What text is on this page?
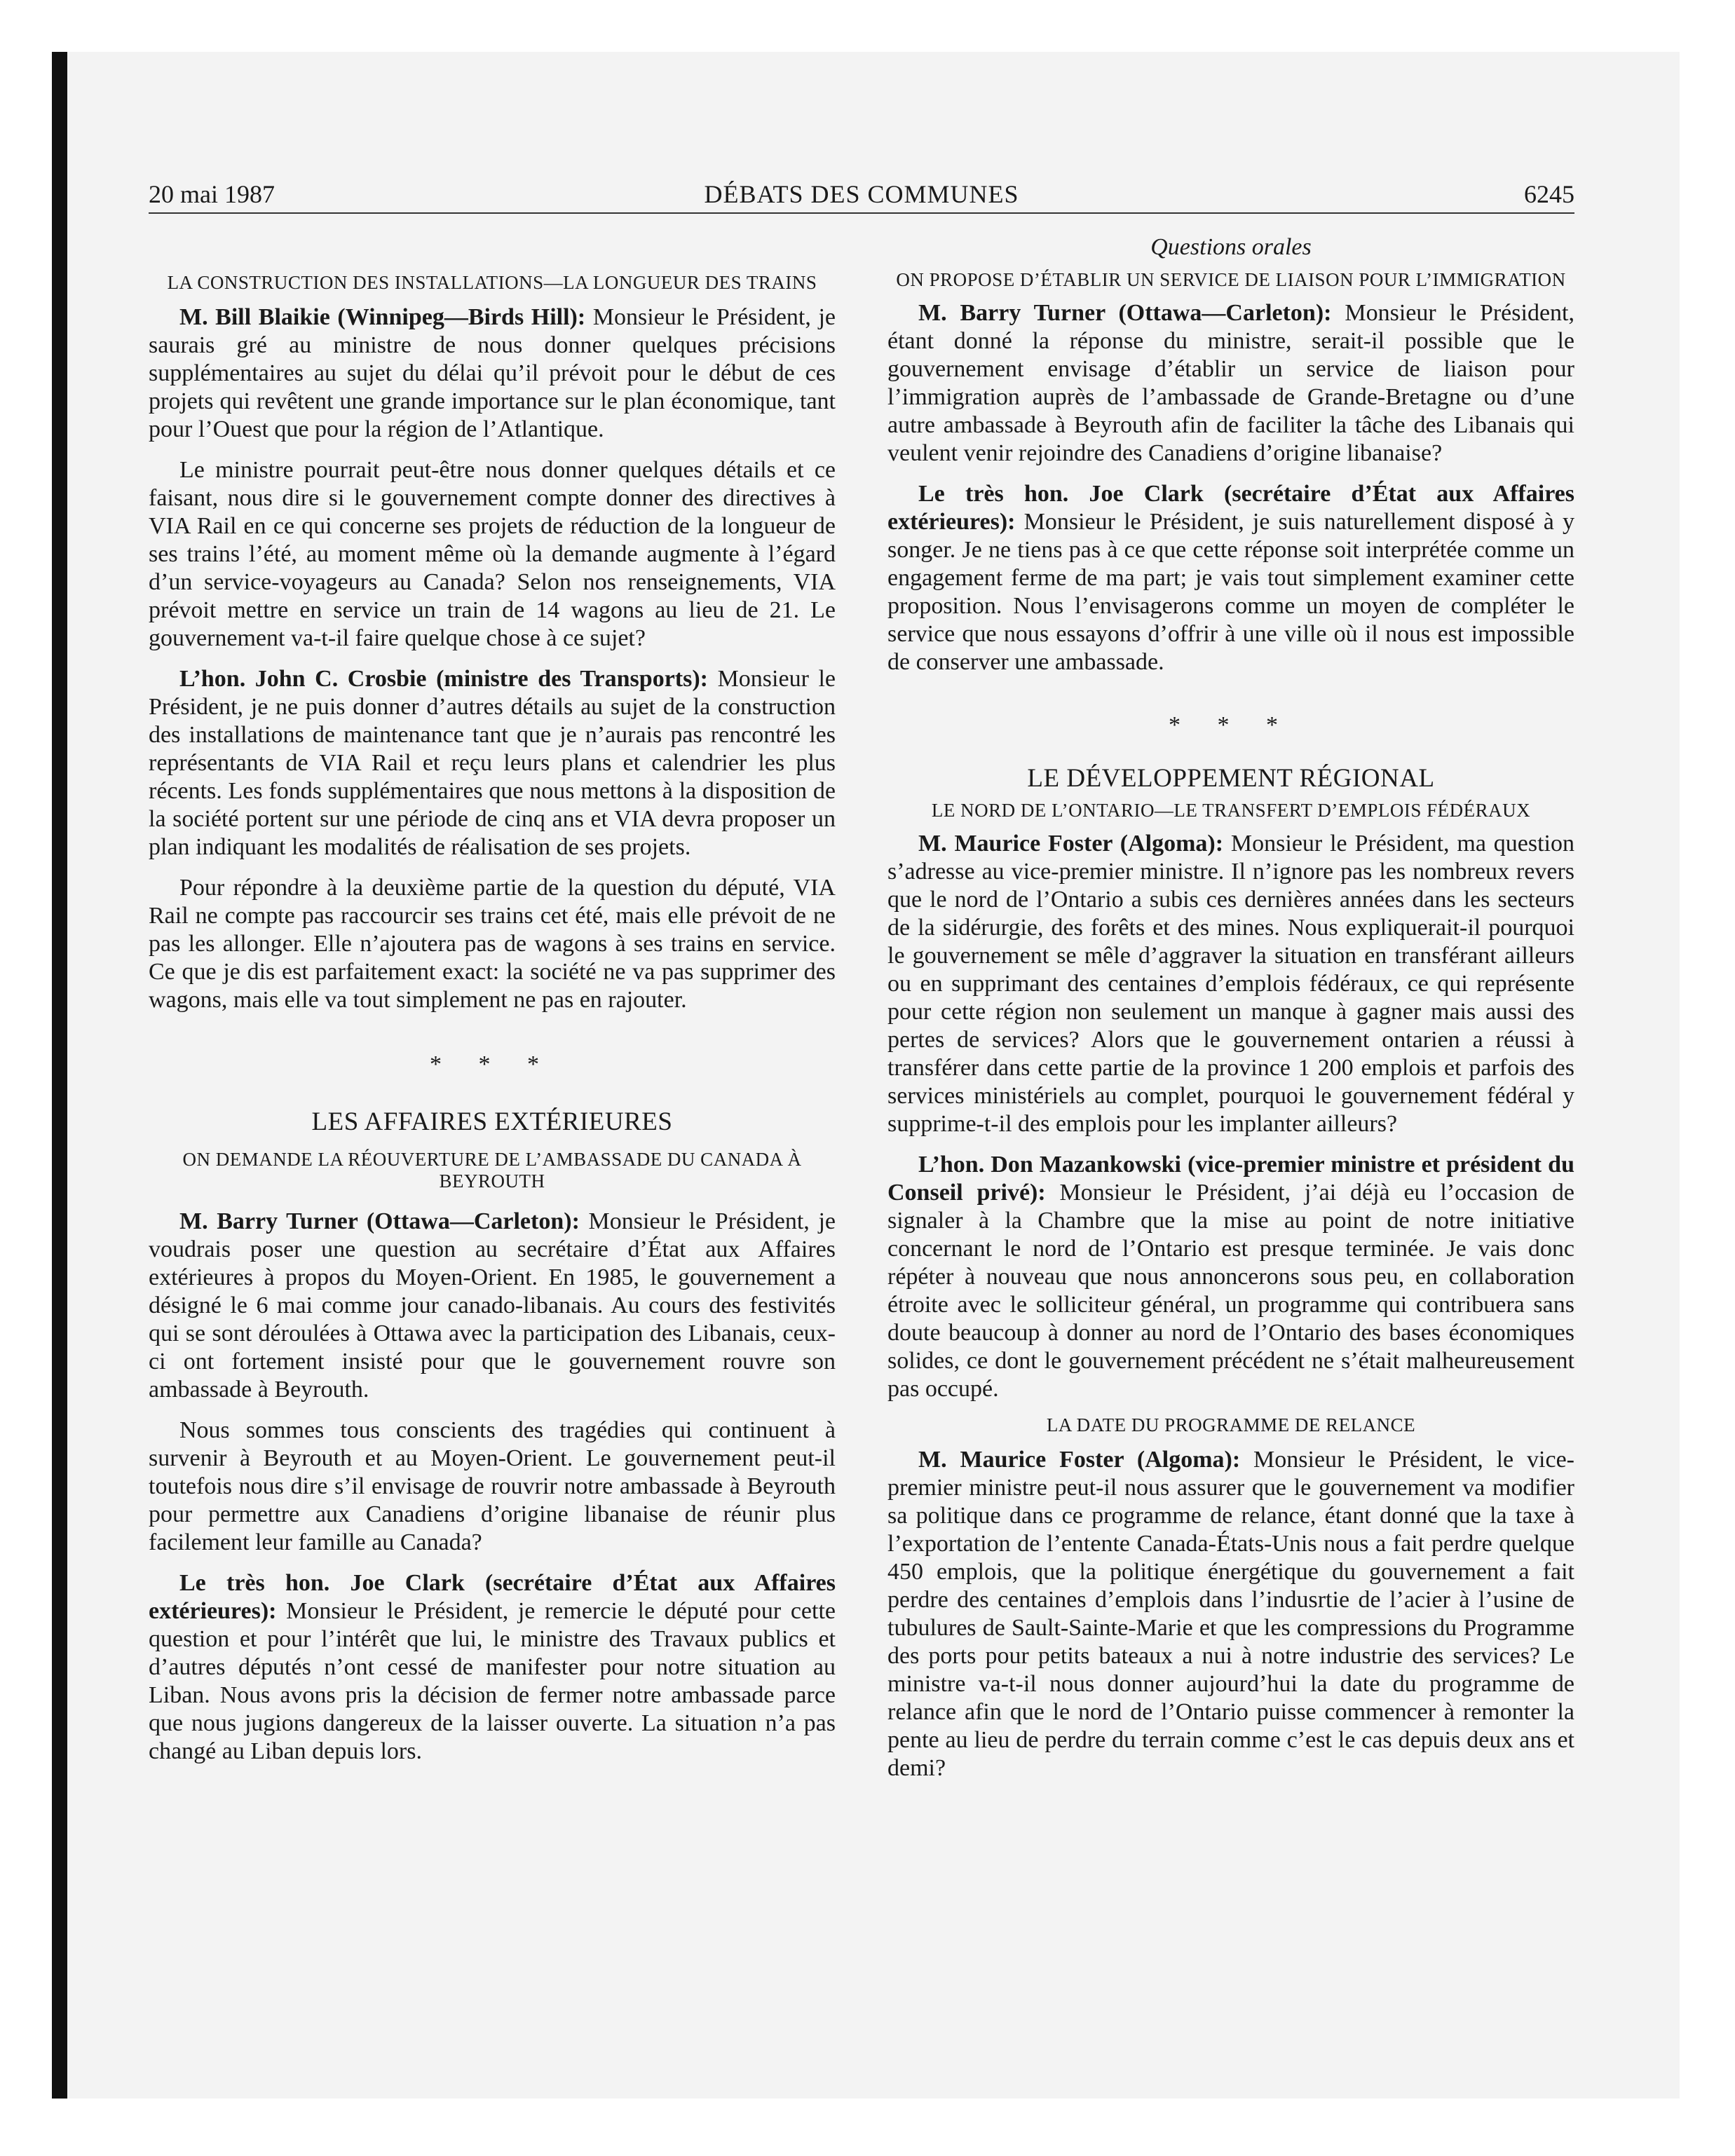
20 mai 1987	DÉBATS DES COMMUNES	6245

LA CONSTRUCTION DES INSTALLATIONS—LA LONGUEUR DES TRAINS

M. Bill Blaikie (Winnipeg—Birds Hill): Monsieur le Président, je saurais gré au ministre de nous donner quelques précisions supplémentaires au sujet du délai qu’il prévoit pour le début de ces projets qui revêtent une grande importance sur le plan économique, tant pour l’Ouest que pour la région de l’Atlantique.

Le ministre pourrait peut-être nous donner quelques détails et ce faisant, nous dire si le gouvernement compte donner des directives à VIA Rail en ce qui concerne ses projets de réduction de la longueur de ses trains l’été, au moment même où la demande augmente à l’égard d’un service-voyageurs au Canada? Selon nos renseignements, VIA prévoit mettre en service un train de 14 wagons au lieu de 21. Le gouvernement va-t-il faire quelque chose à ce sujet?

L’hon. John C. Crosbie (ministre des Transports): Monsieur le Président, je ne puis donner d’autres détails au sujet de la construction des installations de maintenance tant que je n’aurais pas rencontré les représentants de VIA Rail et reçu leurs plans et calendrier les plus récents. Les fonds supplémentaires que nous mettons à la disposition de la société portent sur une période de cinq ans et VIA devra proposer un plan indiquant les modalités de réalisation de ses projets.

Pour répondre à la deuxième partie de la question du député, VIA Rail ne compte pas raccourcir ses trains cet été, mais elle prévoit de ne pas les allonger. Elle n’ajoutera pas de wagons à ses trains en service. Ce que je dis est parfaitement exact: la société ne va pas supprimer des wagons, mais elle va tout simplement ne pas en rajouter.

* * *

LES AFFAIRES EXTÉRIEURES

ON DEMANDE LA RÉOUVERTURE DE L’AMBASSADE DU CANADA À BEYROUTH

M. Barry Turner (Ottawa—Carleton): Monsieur le Président, je voudrais poser une question au secrétaire d’État aux Affaires extérieures à propos du Moyen-Orient. En 1985, le gouvernement a désigné le 6 mai comme jour canado-libanais. Au cours des festivités qui se sont déroulées à Ottawa avec la participation des Libanais, ceux-ci ont fortement insisté pour que le gouvernement rouvre son ambassade à Beyrouth.

Nous sommes tous conscients des tragédies qui continuent à survenir à Beyrouth et au Moyen-Orient. Le gouvernement peut-il toutefois nous dire s’il envisage de rouvrir notre ambassade à Beyrouth pour permettre aux Canadiens d’origine libanaise de réunir plus facilement leur famille au Canada?

Le très hon. Joe Clark (secrétaire d’État aux Affaires extérieures): Monsieur le Président, je remercie le député pour cette question et pour l’intérêt que lui, le ministre des Travaux publics et d’autres députés n’ont cessé de manifester pour notre situation au Liban. Nous avons pris la décision de fermer notre ambassade parce que nous jugions dangereux de la laisser ouverte. La situation n’a pas changé au Liban depuis lors.

Questions orales

ON PROPOSE D’ÉTABLIR UN SERVICE DE LIAISON POUR L’IMMIGRATION

M. Barry Turner (Ottawa—Carleton): Monsieur le Président, étant donné la réponse du ministre, serait-il possible que le gouvernement envisage d’établir un service de liaison pour l’immigration auprès de l’ambassade de Grande-Bretagne ou d’une autre ambassade à Beyrouth afin de faciliter la tâche des Libanais qui veulent venir rejoindre des Canadiens d’origine libanaise?

Le très hon. Joe Clark (secrétaire d’État aux Affaires extérieures): Monsieur le Président, je suis naturellement disposé à y songer. Je ne tiens pas à ce que cette réponse soit interprétée comme un engagement ferme de ma part; je vais tout simplement examiner cette proposition. Nous l’envisagerons comme un moyen de compléter le service que nous essayons d’offrir à une ville où il nous est impossible de conserver une ambassade.

* * *

LE DÉVELOPPEMENT RÉGIONAL

LE NORD DE L’ONTARIO—LE TRANSFERT D’EMPLOIS FÉDÉRAUX

M. Maurice Foster (Algoma): Monsieur le Président, ma question s’adresse au vice-premier ministre. Il n’ignore pas les nombreux revers que le nord de l’Ontario a subis ces dernières années dans les secteurs de la sidérurgie, des forêts et des mines. Nous expliquerait-il pourquoi le gouvernement se mêle d’aggraver la situation en transférant ailleurs ou en supprimant des centaines d’emplois fédéraux, ce qui représente pour cette région non seulement un manque à gagner mais aussi des pertes de services? Alors que le gouvernement ontarien a réussi à transférer dans cette partie de la province 1 200 emplois et parfois des services ministériels au complet, pourquoi le gouvernement fédéral y supprime-t-il des emplois pour les implanter ailleurs?

L’hon. Don Mazankowski (vice-premier ministre et président du Conseil privé): Monsieur le Président, j’ai déjà eu l’occasion de signaler à la Chambre que la mise au point de notre initiative concernant le nord de l’Ontario est presque terminée. Je vais donc répéter à nouveau que nous annoncerons sous peu, en collaboration étroite avec le solliciteur général, un programme qui contribuera sans doute beaucoup à donner au nord de l’Ontario des bases économiques solides, ce dont le gouvernement précédent ne s’était malheureusement pas occupé.

LA DATE DU PROGRAMME DE RELANCE

M. Maurice Foster (Algoma): Monsieur le Président, le vice-premier ministre peut-il nous assurer que le gouvernement va modifier sa politique dans ce programme de relance, étant donné que la taxe à l’exportation de l’entente Canada-États-Unis nous a fait perdre quelque 450 emplois, que la politique énergétique du gouvernement a fait perdre des centaines d’emplois dans l’indusrtie de l’acier à l’usine de tubulures de Sault-Sainte-Marie et que les compressions du Programme des ports pour petits bateaux a nui à notre industrie des services? Le ministre va-t-il nous donner aujourd’hui la date du programme de relance afin que le nord de l’Ontario puisse commencer à remonter la pente au lieu de perdre du terrain comme c’est le cas depuis deux ans et demi?
